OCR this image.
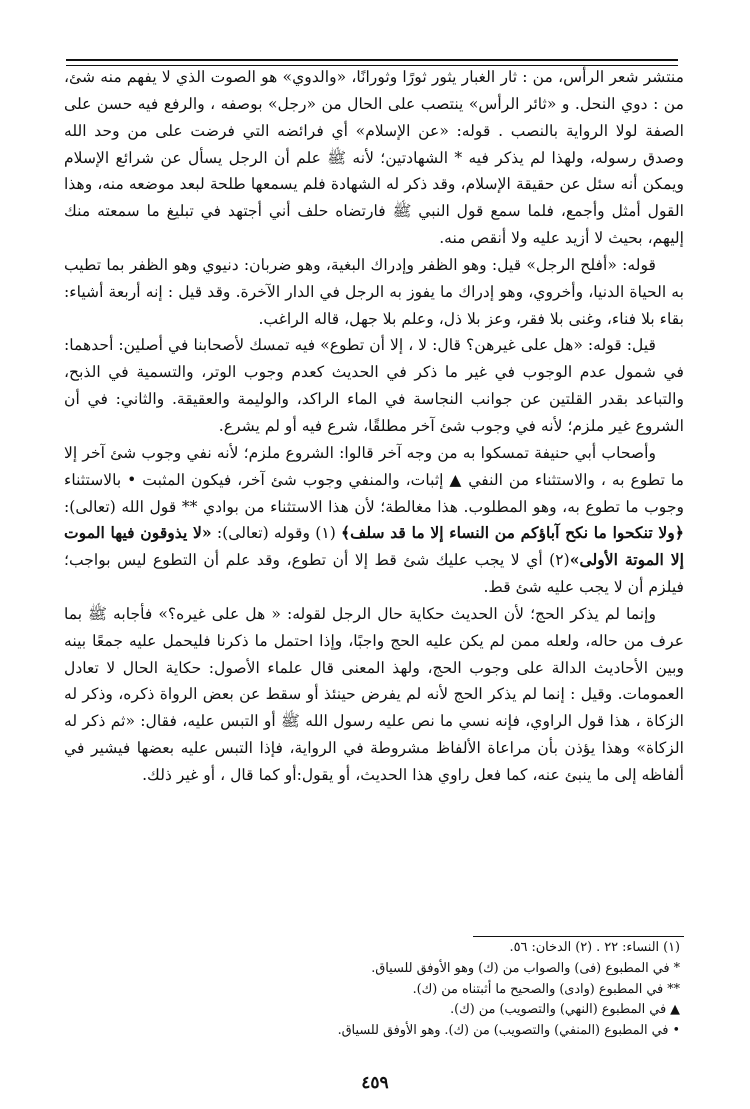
منتشر شعر الرأس، من : ثار الغبار يثور ثورًا وثورانًا، «والدوي» هو الصوت الذي لا يفهم منه شئ، من : دوي النحل. و «ثائر الرأس» ينتصب على الحال من «رجل» بوصفه ، والرفع فيه حسن على الصفة لولا الرواية بالنصب . قوله: «عن الإسلام» أي فرائضه التي فرضت على من وحد الله وصدق رسوله، ولهذا لم يذكر فيه * الشهادتين؛ لأنه ﷺ علم أن الرجل يسأل عن شرائع الإسلام ويمكن أنه سئل عن حقيقة الإسلام، وقد ذكر له الشهادة فلم يسمعها طلحة لبعد موضعه منه، وهذا القول أمثل وأجمع، فلما سمع قول النبي ﷺ فارتضاه حلف أني أجتهد في تبليغ ما سمعته منك إليهم، بحيث لا أزيد عليه ولا أنقص منه.

قوله: «أفلح الرجل» قيل: وهو الظفر وإدراك البغية، وهو ضربان: دنيوي وهو الظفر بما تطيب به الحياة الدنيا، وأخروي، وهو إدراك ما يفوز به الرجل في الدار الآخرة. وقد قيل : إنه أربعة أشياء: بقاء بلا فناء، وغنى بلا فقر، وعز بلا ذل، وعلم بلا جهل، قاله الراغب.

قيل: قوله: «هل على غيرهن؟ قال: لا ، إلا أن تطوع» فيه تمسك لأصحابنا في أصلين: أحدهما: في شمول عدم الوجوب في غير ما ذكر في الحديث كعدم وجوب الوتر، والتسمية في الذبح، والتباعد بقدر القلتين عن جوانب النجاسة في الماء الراكد، والوليمة والعقيقة. والثاني: في أن الشروع غير ملزم؛ لأنه في وجوب شئ آخر مطلقًا، شرع فيه أو لم يشرع.

وأصحاب أبي حنيفة تمسكوا به من وجه آخر قالوا: الشروع ملزم؛ لأنه نفي وجوب شئ آخر إلا ما تطوع به ، والاستثناء من النفي ▲ إثبات، والمنفي وجوب شئ آخر، فيكون المثبت • بالاستثناء وجوب ما تطوع به، وهو المطلوب. هذا مغالطة؛ لأن هذا الاستثناء من بوادي ** قول الله (تعالى): ﴿ولا تنكحوا ما نكح آباؤكم من النساء إلا ما قد سلف﴾ (١) وقوله (تعالى): «لا يذوقون فيها الموت إلا الموتة الأولى»(٢) أي لا يجب عليك شئ قط إلا أن تطوع، وقد علم أن التطوع ليس بواجب؛ فيلزم أن لا يجب عليه شئ قط.

وإنما لم يذكر الحج؛ لأن الحديث حكاية حال الرجل لقوله: « هل على غيره؟» فأجابه ﷺ بما عرف من حاله، ولعله ممن لم يكن عليه الحج واجبًا، وإذا احتمل ما ذكرنا فليحمل عليه جمعًا بينه وبين الأحاديث الدالة على وجوب الحج، ولهذ المعنى قال علماء الأصول: حكاية الحال لا تعادل العمومات. وقيل : إنما لم يذكر الحج لأنه لم يفرض حينئذ أو سقط عن بعض الرواة ذكره، وذكر له الزكاة ، هذا قول الراوي، فإنه نسي ما نص عليه رسول الله ﷺ أو التبس عليه، فقال: «ثم ذكر له الزكاة» وهذا يؤذن بأن مراعاة الألفاظ مشروطة في الرواية، فإذا التبس عليه بعضها فيشير في ألفاظه إلى ما ينبئ عنه، كما فعل راوي هذا الحديث، أو يقول:أو كما قال ، أو غير ذلك.

(١) النساء: ٢٢ . (٢) الدخان: ٥٦.
* في المطبوع (فى) والصواب من (ك) وهو الأوفق للسياق.
** في المطبوع (وادى) والصحيح ما أثبتناه من (ك).
▲ في المطبوع (النهي) والتصويب) من (ك).
• في المطبوع (المنفي) والتصويب) من (ك). وهو الأوفق للسياق.
٤٥٩
